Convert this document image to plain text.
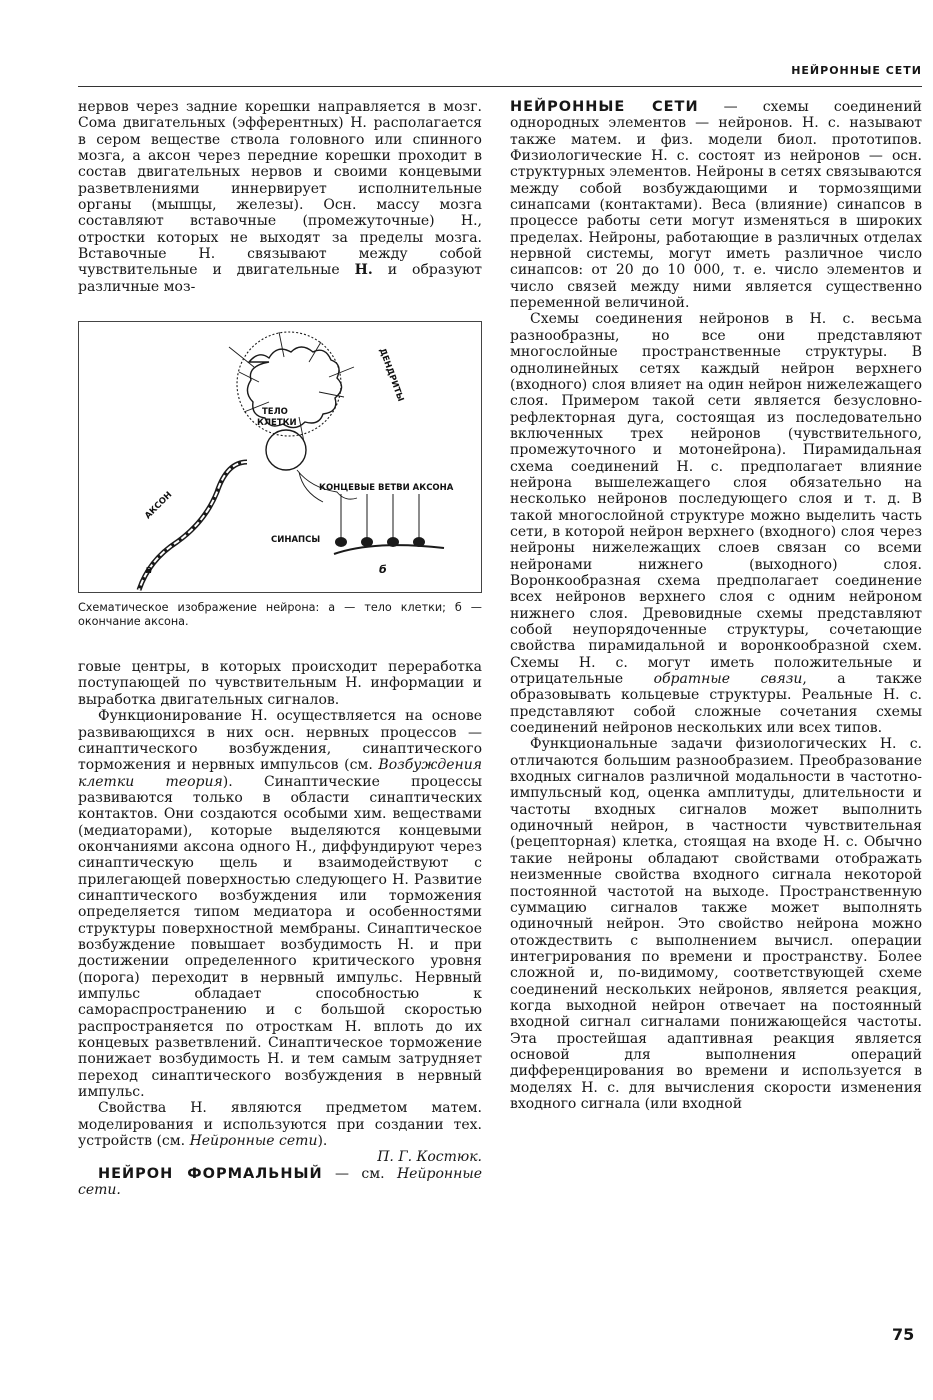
НЕЙРОННЫЕ СЕТИ

нервов через задние корешки направляется в мозг. Сома двигательных (эфферентных) Н. располагается в сером веществе ствола головного или спинного мозга, а аксон через передние корешки проходит в состав двигательных нервов и своими концевыми разветвлениями иннервирует исполнительные органы (мышцы, железы). Осн. массу мозга составляют вставочные (промежуточные) Н., отростки которых не выходят за пределы мозга. Вставочные Н. связывают между собой чувствительные и двигательные Н. и образуют различные моз-

ДЕНДРИТЫ
ТЕЛО
КЛЕТКИ
КОНЦЕВЫЕ ВЕТВИ АКСОНА
АКСОН
СИНАПСЫ
а	б
Схематическое изображение нейрона: а — тело клетки; б — окончание аксона.

говые центры, в которых происходит переработка поступающей по чувствительным Н. информации и выработка двигательных сигналов.

Функционирование Н. осуществляется на основе развивающихся в них осн. нервных процессов — синаптического возбуждения, синаптического торможения и нервных импульсов (см. Возбуждения клетки теория). Синаптические процессы развиваются только в области синаптических контактов. Они создаются особыми хим. веществами (медиаторами), которые выделяются концевыми окончаниями аксона одного Н., диффундируют через синаптическую щель и взаимодействуют с прилегающей поверхностью следующего Н. Развитие синаптического возбуждения или торможения определяется типом медиатора и особенностями структуры поверхностной мембраны. Синаптическое возбуждение повышает возбудимость Н. и при достижении определенного критического уровня (порога) переходит в нервный импульс. Нервный импульс обладает способностью к самораспространению и с большой скоростью распространяется по отросткам Н. вплоть до их концевых разветвлений. Синаптическое торможение понижает возбудимость Н. и тем самым затрудняет переход синаптического возбуждения в нервный импульс.

Свойства Н. являются предметом матем. моделирования и используются при создании тех. устройств (см. Нейронные сети).

П. Г. Костюк.

НЕЙРОН ФОРМАЛЬНЫЙ — см. Нейронные сети.

НЕЙРОННЫЕ СЕТИ — схемы соединений однородных элементов — нейронов. Н. с. называют также матем. и физ. модели биол. прототипов. Физиологические Н. с. состоят из нейронов — осн. структурных элементов. Нейроны в сетях связываются между собой возбуждающими и тормозящими синапсами (контактами). Веса (влияние) синапсов в процессе работы сети могут изменяться в широких пределах. Нейроны, работающие в различных отделах нервной системы, могут иметь различное число синапсов: от 20 до 10 000, т. е. число элементов и число связей между ними является существенно переменной величиной.

Схемы соединения нейронов в Н. с. весьма разнообразны, но все они представляют многослойные пространственные структуры. В однолинейных сетях каждый нейрон верхнего (входного) слоя влияет на один нейрон нижележащего слоя. Примером такой сети является безусловно-рефлекторная дуга, состоящая из последовательно включенных трех нейронов (чувствительного, промежуточного и мотонейрона). Пирамидальная схема соединений Н. с. предполагает влияние нейрона вышележащего слоя обязательно на несколько нейронов последующего слоя и т. д. В такой многослойной структуре можно выделить часть сети, в которой нейрон верхнего (входного) слоя через нейроны нижележащих слоев связан со всеми нейронами нижнего (выходного) слоя. Воронкообразная схема предполагает соединение всех нейронов верхнего слоя с одним нейроном нижнего слоя. Древовидные схемы представляют собой неупорядоченные структуры, сочетающие свойства пирамидальной и воронкообразной схем. Схемы Н. с. могут иметь положительные и отрицательные обратные связи, а также образовывать кольцевые структуры. Реальные Н. с. представляют собой сложные сочетания схемы соединений нейронов нескольких или всех типов.

Функциональные задачи физиологических Н. с. отличаются большим разнообразием. Преобразование входных сигналов различной модальности в частотно-импульсный код, оценка амплитуды, длительности и частоты входных сигналов может выполнить одиночный нейрон, в частности чувствительная (рецепторная) клетка, стоящая на входе Н. с. Обычно такие нейроны обладают свойствами отображать неизменные свойства входного сигнала некоторой постоянной частотой на выходе. Пространственную суммацию сигналов также может выполнять одиночный нейрон. Это свойство нейрона можно отождествить с выполнением вычисл. операции интегрирования по времени и пространству. Более сложной и, по-видимому, соответствующей схеме соединений нескольких нейронов, является реакция, когда выходной нейрон отвечает на постоянный входной сигнал сигналами понижающейся частоты. Эта простейшая адаптивная реакция является основой для выполнения операций дифференцирования во времени и используется в моделях Н. с. для вычисления скорости изменения входного сигнала (или входной

75
